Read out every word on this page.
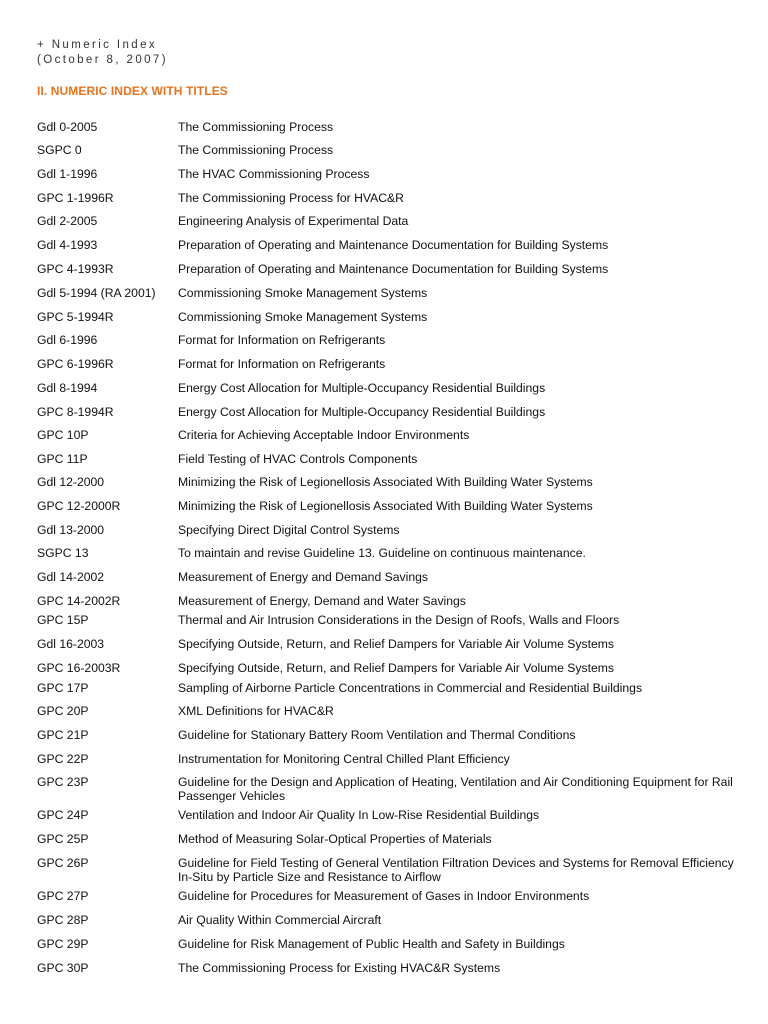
+ Numeric Index
(October 8, 2007)
II. NUMERIC INDEX WITH TITLES
Gdl 0-2005	The Commissioning Process
SGPC 0	The Commissioning Process
Gdl 1-1996	The HVAC Commissioning Process
GPC 1-1996R	The Commissioning Process for HVAC&R
Gdl 2-2005	Engineering Analysis of Experimental Data
Gdl 4-1993	Preparation of Operating and Maintenance Documentation for Building Systems
GPC 4-1993R	Preparation of Operating and Maintenance Documentation for Building Systems
Gdl 5-1994 (RA 2001)	Commissioning Smoke Management Systems
GPC 5-1994R	Commissioning Smoke Management Systems
Gdl 6-1996	Format for Information on Refrigerants
GPC 6-1996R	Format for Information on Refrigerants
Gdl 8-1994	Energy Cost Allocation for Multiple-Occupancy Residential Buildings
GPC 8-1994R	Energy Cost Allocation for Multiple-Occupancy Residential Buildings
GPC 10P	Criteria for Achieving Acceptable Indoor Environments
GPC 11P	Field Testing of HVAC Controls Components
Gdl 12-2000	Minimizing the Risk of Legionellosis Associated With Building Water Systems
GPC 12-2000R	Minimizing the Risk of Legionellosis Associated With Building Water Systems
Gdl 13-2000	Specifying Direct Digital Control Systems
SGPC 13	To maintain and revise Guideline 13. Guideline on continuous maintenance.
Gdl 14-2002	Measurement of Energy and Demand Savings
GPC 14-2002R	Measurement of Energy, Demand and Water Savings
GPC 15P	Thermal and Air Intrusion Considerations in the Design of Roofs, Walls and Floors
Gdl 16-2003	Specifying Outside, Return, and Relief Dampers for Variable Air Volume Systems
GPC 16-2003R	Specifying Outside, Return, and Relief Dampers for Variable Air Volume Systems
GPC 17P	Sampling of Airborne Particle Concentrations in Commercial and Residential Buildings
GPC 20P	XML Definitions for HVAC&R
GPC 21P	Guideline for Stationary Battery Room Ventilation and Thermal Conditions
GPC 22P	Instrumentation for Monitoring Central Chilled Plant Efficiency
GPC 23P	Guideline for the Design and Application of Heating, Ventilation and Air Conditioning Equipment for Rail Passenger Vehicles
GPC 24P	Ventilation and Indoor Air Quality In Low-Rise Residential Buildings
GPC 25P	Method of Measuring Solar-Optical Properties of Materials
GPC 26P	Guideline for Field Testing of General Ventilation Filtration Devices and Systems for Removal Efficiency In-Situ by Particle Size and Resistance to Airflow
GPC 27P	Guideline for Procedures for Measurement of Gases in Indoor Environments
GPC 28P	Air Quality Within Commercial Aircraft
GPC 29P	Guideline for Risk Management of Public Health and Safety in Buildings
GPC 30P	The Commissioning Process for Existing HVAC&R Systems
